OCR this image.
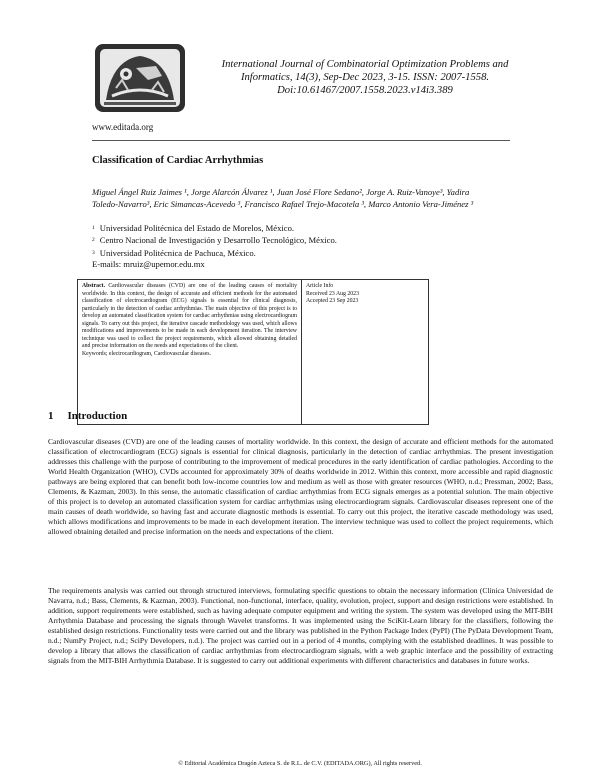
International Journal of Combinatorial Optimization Problems and
Informatics, 14(3), Sep-Dec 2023, 3-15. ISSN: 2007-1558.
Doi:10.61467/2007.1558.2023.v14i3.389
www.editada.org
Classification of Cardiac Arrhythmias
Miguel Ángel Ruiz Jaimes ¹, Jorge Alarcón Álvarez ¹, Juan José Flore Sedano², Jorge A. Ruiz-Vanoye³, Yadira
Toledo-Navarro³, Eric Simancas-Acevedo ³, Francisco Rafael Trejo-Macotela ³, Marco Antonio Vera-Jiménez ³
$^1$ Universidad Politécnica del Estado de Morelos, México.
$^2$ Centro Nacional de Investigación y Desarrollo Tecnológico, México.
$^3$ Universidad Politécnica de Pachuca, México.
E-mails: mruiz@upemor.edu.mx
Abstract. Cardiovascular diseases (CVD) are one of the leading causes of mortality worldwide. In this context, the design of accurate and efficient methods for the automated classification of electrocardiogram (ECG) signals is essential for clinical diagnosis, particularly in the detection of cardiac arrhythmias. The main objective of this project is to develop an automated classification system for cardiac arrhythmias using electrocardiogram signals. To carry out this project, the iterative cascade methodology was used, which allows modifications and improvements to be made in each development iteration. The interview technique was used to collect the project requirements, which allowed obtaining detailed and precise information on the needs and expectations of the client.
Keywords; electrocardiogram, Cardiovascular diseases.
Article Info
Received 23 Aug 2023
Accepted 23 Sep 2023
1 Introduction
Cardiovascular diseases (CVD) are one of the leading causes of mortality worldwide. In this context, the design of accurate and efficient methods for the automated classification of electrocardiogram (ECG) signals is essential for clinical diagnosis, particularly in the detection of cardiac arrhythmias. The present investigation addresses this challenge with the purpose of contributing to the improvement of medical procedures in the early identification of cardiac pathologies. According to the World Health Organization (WHO), CVDs accounted for approximately 30% of deaths worldwide in 2012. Within this context, more accessible and rapid diagnostic pathways are being explored that can benefit both low-income countries low and medium as well as those with greater resources (WHO, n.d.; Pressman, 2002; Bass, Clements, & Kazman, 2003). In this sense, the automatic classification of cardiac arrhythmias from ECG signals emerges as a potential solution. The main objective of this project is to develop an automated classification system for cardiac arrhythmias using electrocardiogram signals. Cardiovascular diseases represent one of the main causes of death worldwide, so having fast and accurate diagnostic methods is essential. To carry out this project, the iterative cascade methodology was used, which allows modifications and improvements to be made in each development iteration. The interview technique was used to collect the project requirements, which allowed obtaining detailed and precise information on the needs and expectations of the client.
The requirements analysis was carried out through structured interviews, formulating specific questions to obtain the necessary information (Clínica Universidad de Navarra, n.d.; Bass, Clements, & Kazman, 2003). Functional, non-functional, interface, quality, evolution, project, support and design restrictions were established. In addition, support requirements were established, such as having adequate computer equipment and writing the system. The system was developed using the MIT-BIH Arrhythmia Database and processing the signals through Wavelet transforms. It was implemented using the SciKit-Learn library for the classifiers, following the established design restrictions. Functionality tests were carried out and the library was published in the Python Package Index (PyPI) (The PyData Development Team, n.d.; NumPy Project, n.d.; SciPy Developers, n.d.). The project was carried out in a period of 4 months, complying with the established deadlines. It was possible to develop a library that allows the classification of cardiac arrhythmias from electrocardiogram signals, with a web graphic interface and the possibility of extracting signals from the MIT-BIH Arrhythmia Database. It is suggested to carry out additional experiments with different characteristics and databases in future works.
© Editorial Académica Dragón Azteca S. de R.L. de C.V. (EDITADA.ORG), All rights reserved.
